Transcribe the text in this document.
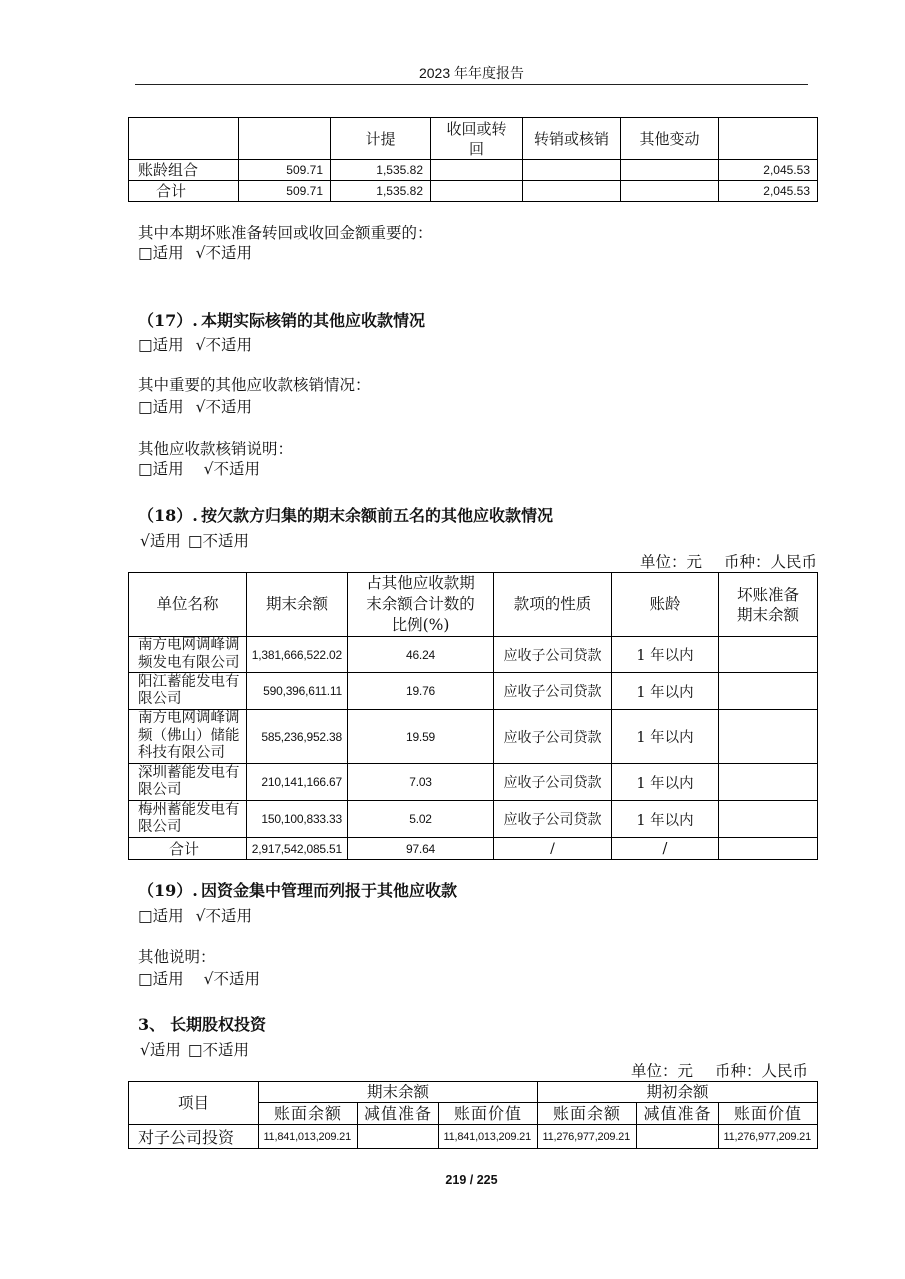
2023 年年度报告
		计提	收回或转回	转销或核销	其他变动	
账龄组合	509.71	1,535.82				2,045.53
合计	509.71	1,535.82				2,045.53
其中本期坏账准备转回或收回金额重要的：
□适用 √不适用
（17）. 本期实际核销的其他应收款情况
□适用 √不适用
其中重要的其他应收款核销情况：
□适用 √不适用
其他应收款核销说明：
□适用 √不适用
（18）. 按欠款方归集的期末余额前五名的其他应收款情况
√适用 □不适用
单位：元 币种：人民币
单位名称	期末余额	占其他应收款期末余额合计数的比例(%)	款项的性质	账龄	坏账准备期末余额
南方电网调峰调频发电有限公司	1,381,666,522.02	46.24	应收子公司贷款	1 年以内	
阳江蓄能发电有限公司	590,396,611.11	19.76	应收子公司贷款	1 年以内	
南方电网调峰调频（佛山）储能科技有限公司	585,236,952.38	19.59	应收子公司贷款	1 年以内	
深圳蓄能发电有限公司	210,141,166.67	7.03	应收子公司贷款	1 年以内	
梅州蓄能发电有限公司	150,100,833.33	5.02	应收子公司贷款	1 年以内	
合计	2,917,542,085.51	97.64	/	/	
（19）. 因资金集中管理而列报于其他应收款
□适用 √不适用
其他说明：
□适用 √不适用
3、 长期股权投资
√适用 □不适用
单位：元 币种：人民币
项目	期末余额			期初余额		
	账面余额	减值准备	账面价值	账面余额	减值准备	账面价值
对子公司投资	11,841,013,209.21		11,841,013,209.21	11,276,977,209.21		11,276,977,209.21
219 / 225
